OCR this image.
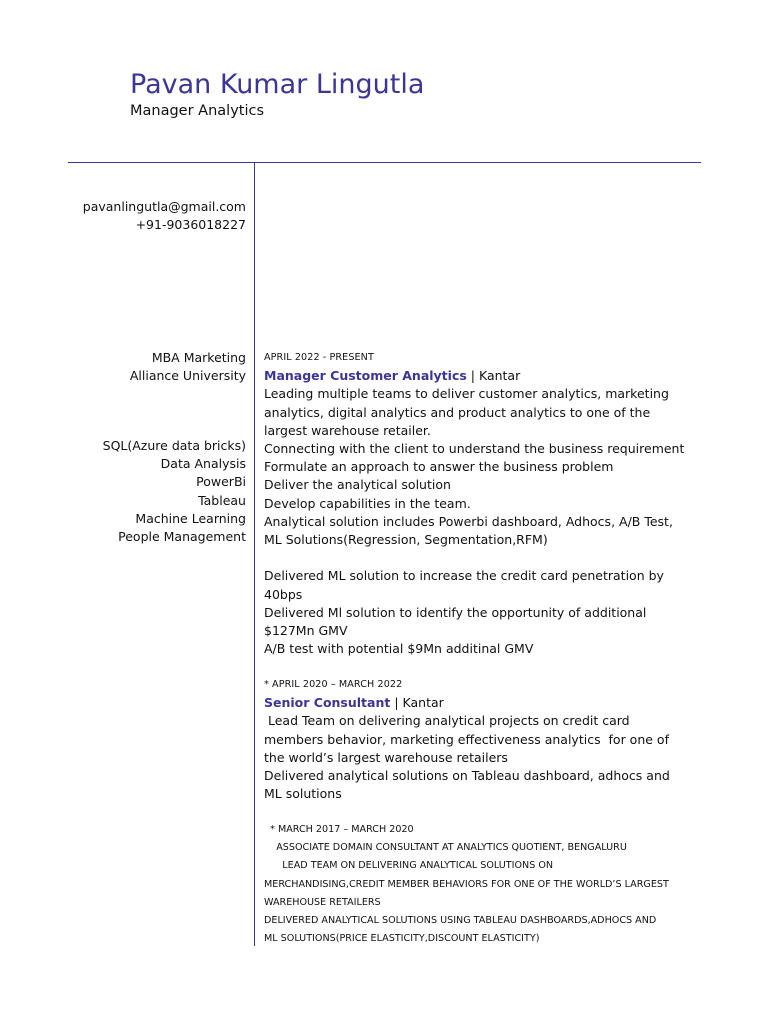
Pavan Kumar Lingutla
Manager Analytics
pavanlingutla@gmail.com
+91-9036018227
MBA Marketing
Alliance University
SQL(Azure data bricks)
Data Analysis
PowerBi
Tableau
Machine Learning
People Management
APRIL 2022 - PRESENT
Manager Customer Analytics | Kantar
Leading multiple teams to deliver customer analytics, marketing
analytics, digital analytics and product analytics to one of the
largest warehouse retailer.
Connecting with the client to understand the business requirement
Formulate an approach to answer the business problem
Deliver the analytical solution
Develop capabilities in the team.
Analytical solution includes Powerbi dashboard, Adhocs, A/B Test,
ML Solutions(Regression, Segmentation,RFM)
Delivered ML solution to increase the credit card penetration by
40bps
Delivered Ml solution to identify the opportunity of additional
$127Mn GMV
A/B test with potential $9Mn additinal GMV
* APRIL 2020 – MARCH 2022
Senior Consultant | Kantar
Lead Team on delivering analytical projects on credit card
members behavior, marketing effectiveness analytics  for one of
the world’s largest warehouse retailers
Delivered analytical solutions on Tableau dashboard, adhocs and
ML solutions
* MARCH 2017 – MARCH 2020
ASSOCIATE DOMAIN CONSULTANT AT ANALYTICS QUOTIENT, BENGALURU
LEAD TEAM ON DELIVERING ANALYTICAL SOLUTIONS ON
MERCHANDISING,CREDIT MEMBER BEHAVIORS FOR ONE OF THE WORLD’S LARGEST
WAREHOUSE RETAILERS
DELIVERED ANALYTICAL SOLUTIONS USING TABLEAU DASHBOARDS,ADHOCS AND
ML SOLUTIONS(PRICE ELASTICITY,DISCOUNT ELASTICITY)
